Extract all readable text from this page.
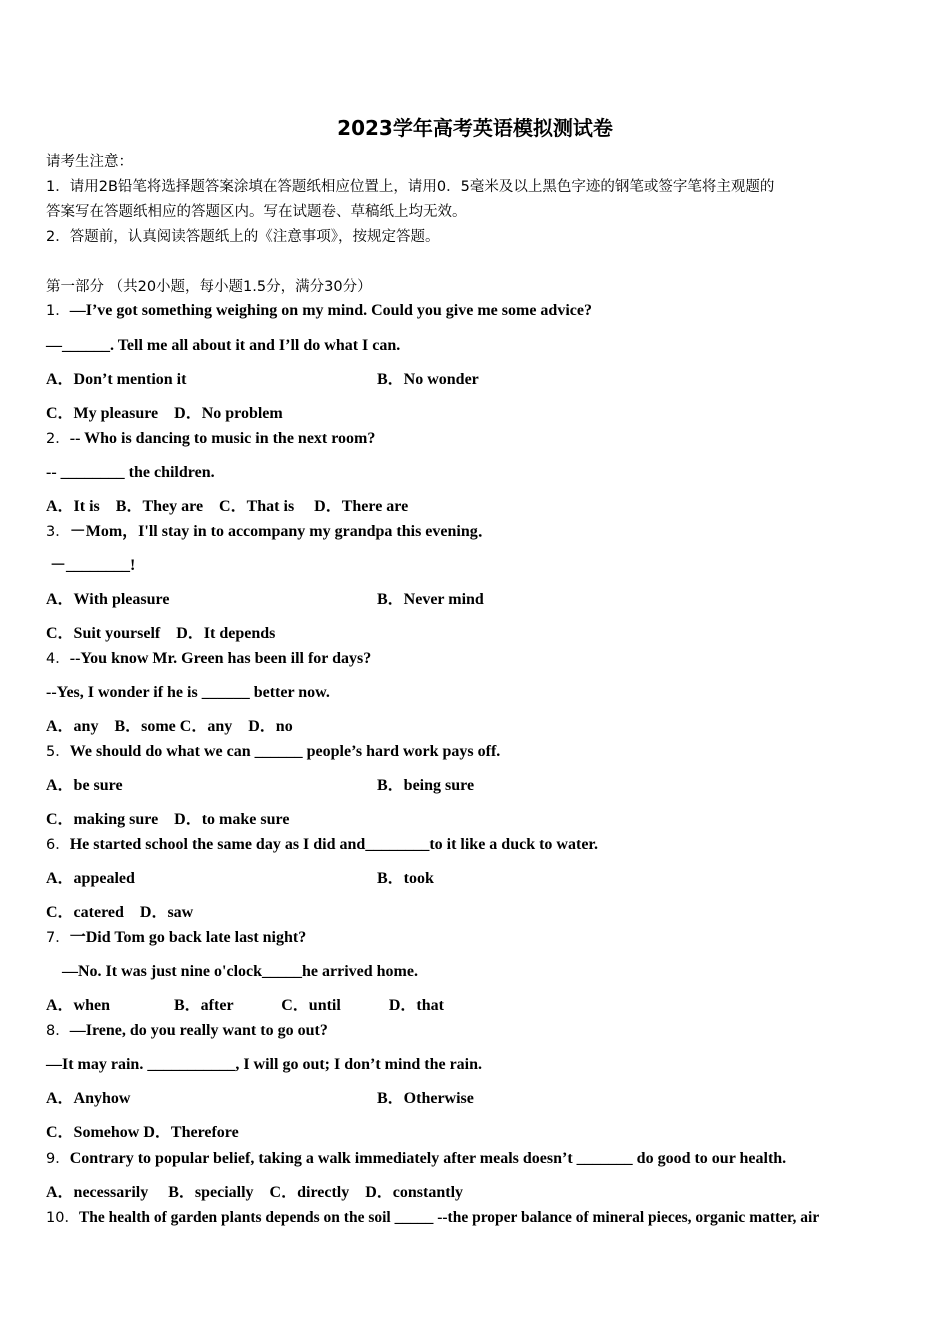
2023学年高考英语模拟测试卷
请考生注意：
1．请用2B铅笔将选择题答案涂填在答题纸相应位置上，请用0．5毫米及以上黑色字迹的钢笔或签字笔将主观题的
答案写在答题纸相应的答题区内。写在试题卷、草稿纸上均无效。
2．答题前，认真阅读答题纸上的《注意事项》，按规定答题。
第一部分 （共20小题，每小题1.5分，满分30分）
1．—I’ve got something weighing on my mind. Could you give me some advice?
—______. Tell me all about it and I’ll do what I can.
A．Don’t mention it	B．No wonder
C．My pleasure　D．No problem
2．-- Who is dancing to music in the next room?
-- ________ the children.
A．It is　B．They are　C．That is　 D．There are
3．－Mom，I'll stay in to accompany my grandpa this evening．
－________!
A．With pleasure	B．Never mind
C．Suit yourself　D．It depends
4．--You know Mr. Green has been ill for days?
--Yes, I wonder if he is ______ better now.
A．any　B．some C．any　D．no
5．We should do what we can ______ people’s hard work pays off.
A．be sure	B．being sure
C．making sure　D．to make sure
6．He started school the same day as I did and________to it like a duck to water.
A．appealed	B．took
C．catered　D．saw
7．一Did Tom go back late last night?
—No. It was just nine o'clock_____he arrived home.
A．when　　　　B．after　　　C．until　　　D．that
8．—Irene, do you really want to go out?
—It may rain. ___________, I will go out; I don’t mind the rain.
A．Anyhow	B．Otherwise
C．Somehow D．Therefore
9．Contrary to popular belief, taking a walk immediately after meals doesn’t _______ do good to our health.
A．necessarily　 B．specially　C．directly　D．constantly
10．The health of garden plants depends on the soil _____ --the proper balance of mineral pieces, organic matter, air
